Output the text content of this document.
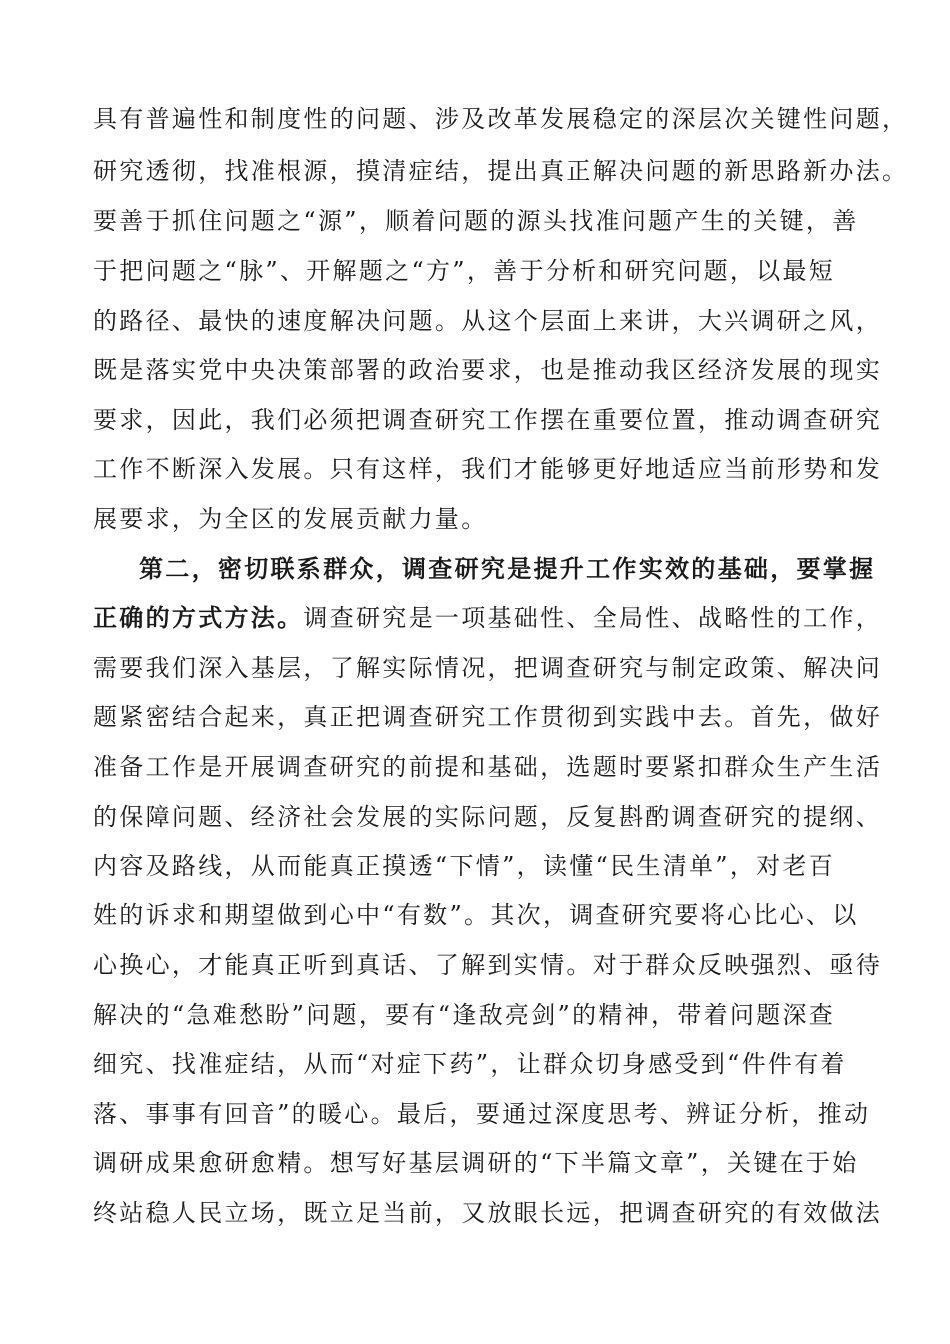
具有普遍性和制度性的问题、涉及改革发展稳定的深层次关键性问题，
研究透彻，找准根源，摸清症结，提出真正解决问题的新思路新办法。
要善于抓住问题之“源”，顺着问题的源头找准问题产生的关键，善
于把问题之“脉”、开解题之“方”，善于分析和研究问题，以最短
的路径、最快的速度解决问题。从这个层面上来讲，大兴调研之风，
既是落实党中央决策部署的政治要求，也是推动我区经济发展的现实
要求，因此，我们必须把调查研究工作摆在重要位置，推动调查研究
工作不断深入发展。只有这样，我们才能够更好地适应当前形势和发
展要求，为全区的发展贡献力量。
第二，密切联系群众，调查研究是提升工作实效的基础，要掌握
正确的方式方法。调查研究是一项基础性、全局性、战略性的工作，
需要我们深入基层，了解实际情况，把调查研究与制定政策、解决问
题紧密结合起来，真正把调查研究工作贯彻到实践中去。首先，做好
准备工作是开展调查研究的前提和基础，选题时要紧扣群众生产生活
的保障问题、经济社会发展的实际问题，反复斟酌调查研究的提纲、
内容及路线，从而能真正摸透“下情”，读懂“民生清单”，对老百
姓的诉求和期望做到心中“有数”。其次，调查研究要将心比心、以
心换心，才能真正听到真话、了解到实情。对于群众反映强烈、亟待
解决的“急难愁盼”问题，要有“逢敌亮剑”的精神，带着问题深查
细究、找准症结，从而“对症下药”，让群众切身感受到“件件有着
落、事事有回音”的暖心。最后，要通过深度思考、辨证分析，推动
调研成果愈研愈精。想写好基层调研的“下半篇文章”，关键在于始
终站稳人民立场，既立足当前，又放眼长远，把调查研究的有效做法
